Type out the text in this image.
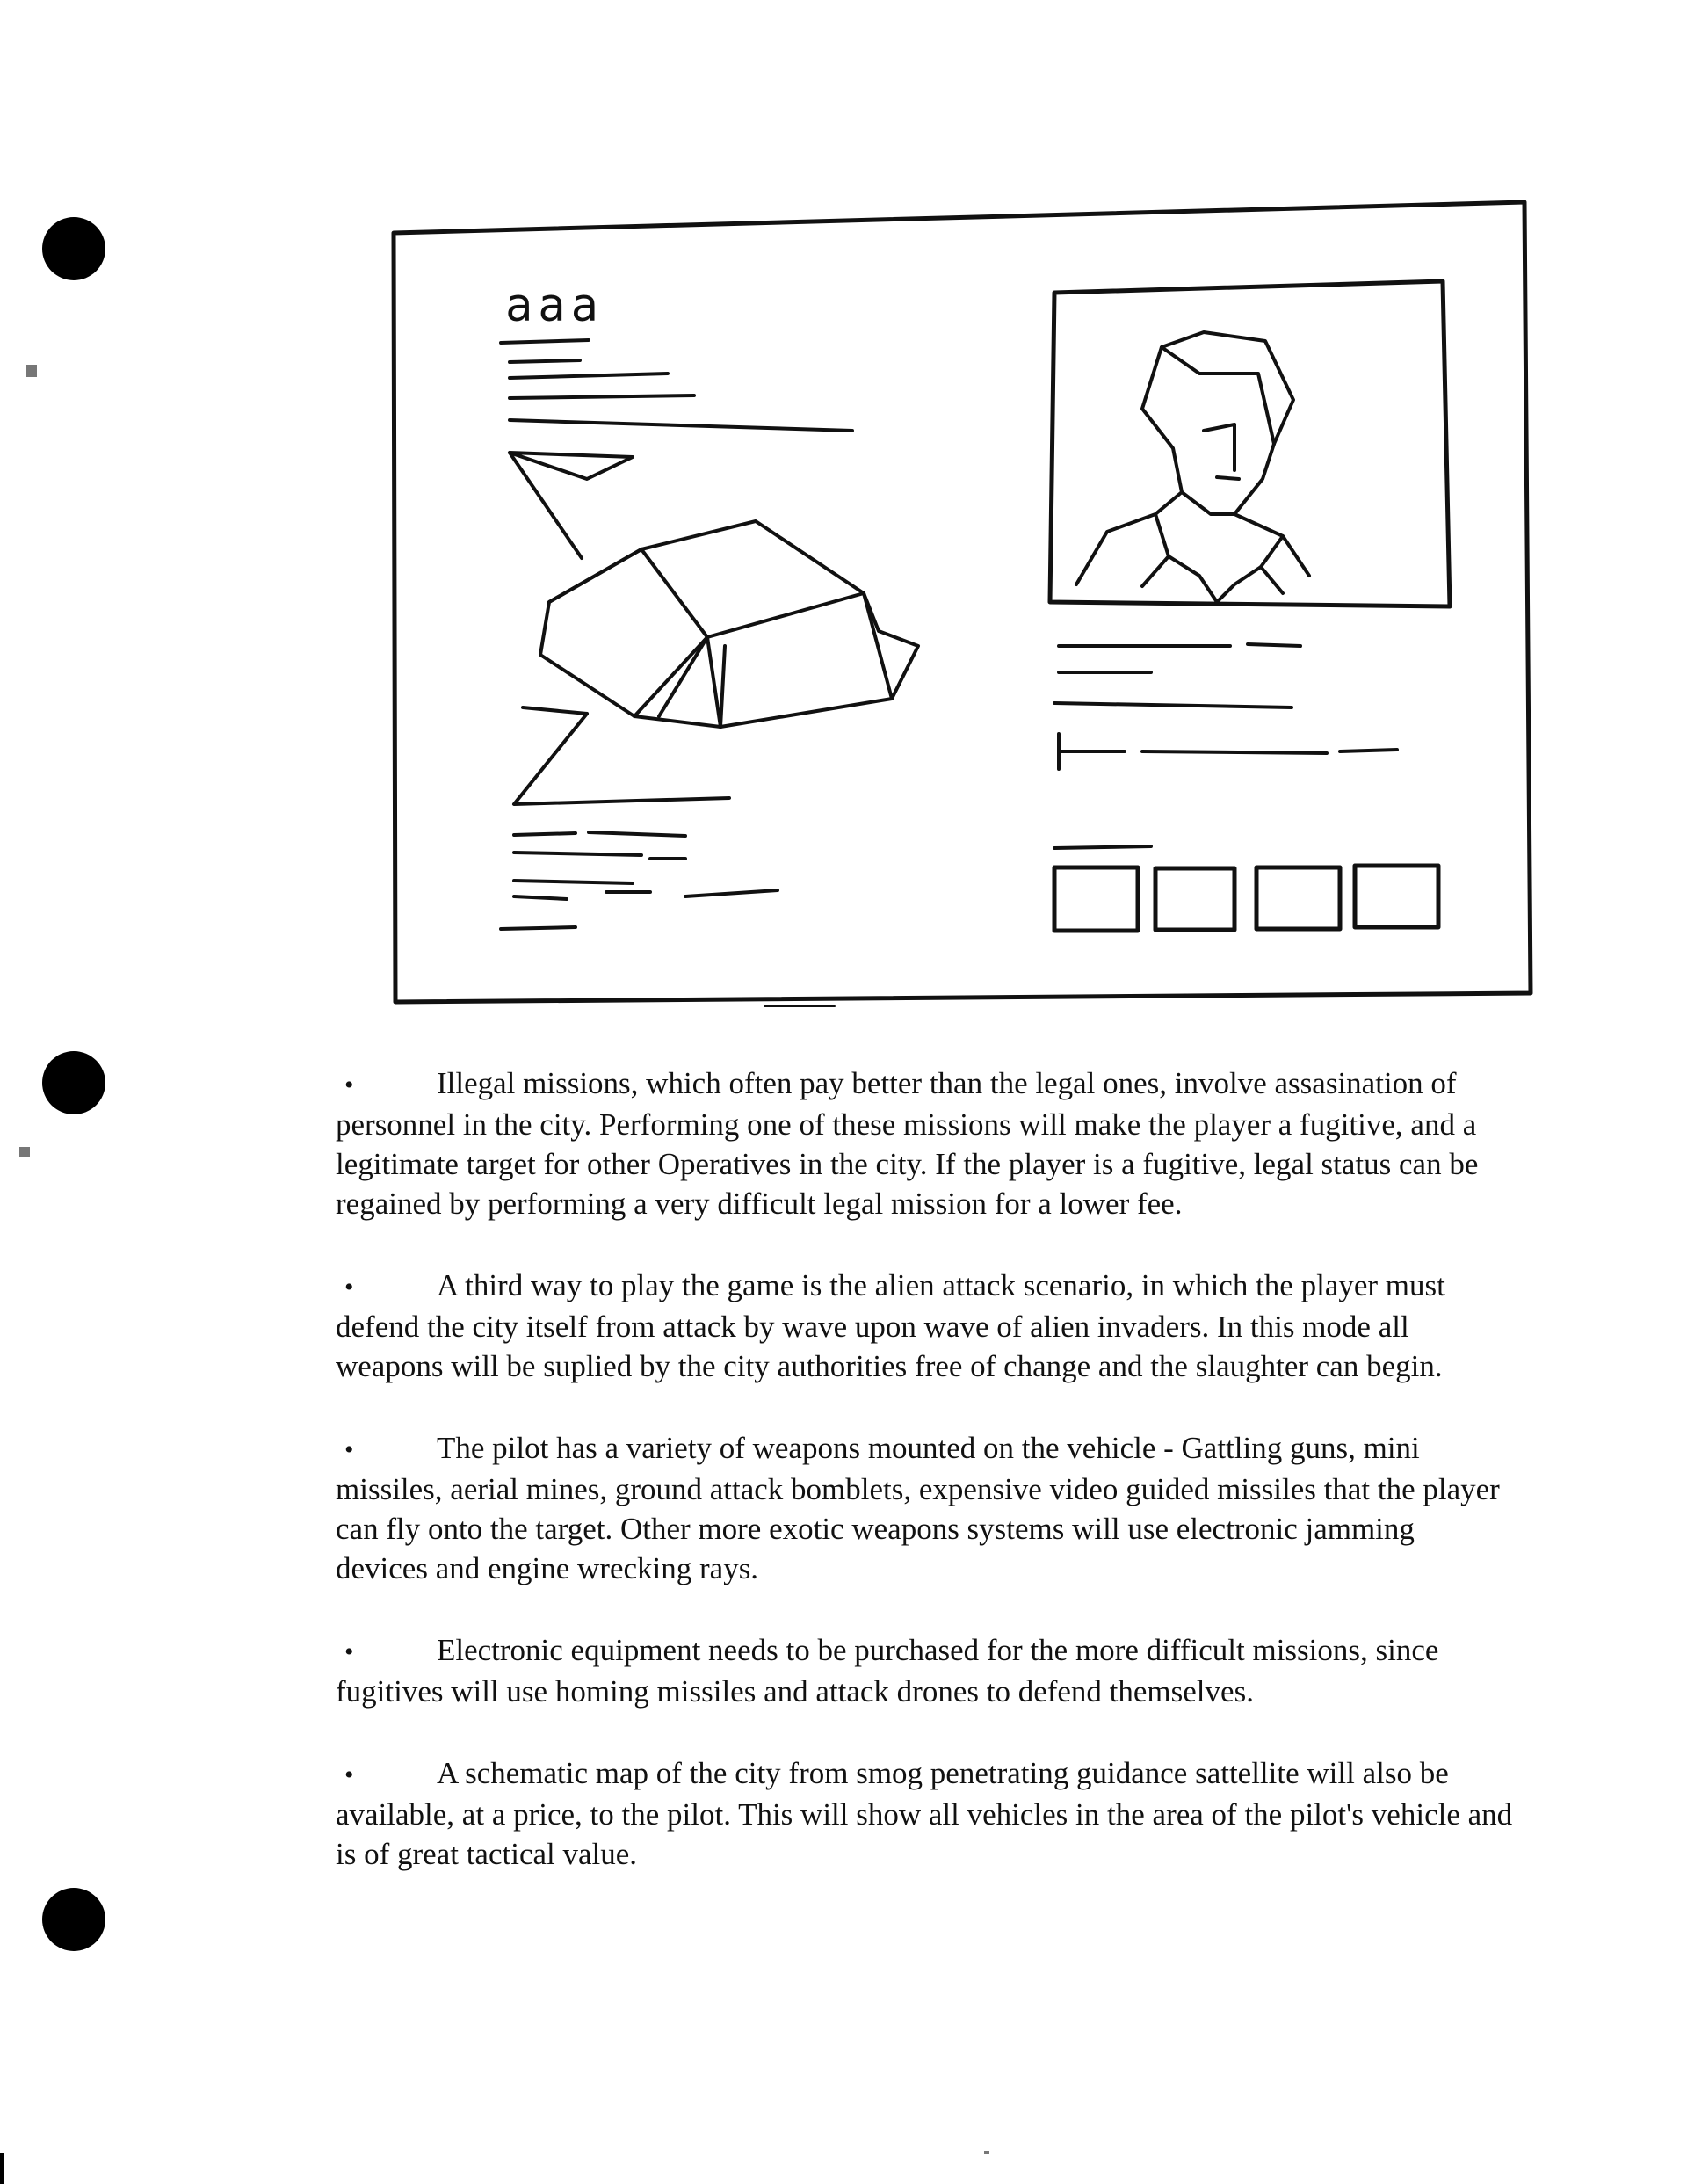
aaa

•	Illegal missions, which often pay better than the legal ones, involve assasination of personnel in the city. Performing one of these missions will make the player a fugitive, and a legitimate target for other Operatives in the city. If the player is a fugitive, legal status can be regained by performing a very difficult legal mission for a lower fee.

•	A third way to play the game is the alien attack scenario, in which the player must defend the city itself from attack by wave upon wave of alien invaders. In this mode all weapons will be suplied by the city authorities free of change and the slaughter can begin.

•	The pilot has a variety of weapons mounted on the vehicle - Gattling guns, mini missiles, aerial mines, ground attack bomblets, expensive video guided missiles that the player can fly onto the target. Other more exotic weapons systems will use electronic jamming devices and engine wrecking rays.

•	Electronic equipment needs to be purchased for the more difficult missions, since fugitives will use homing missiles and attack drones to defend themselves.

•	A schematic map of the city from smog penetrating guidance sattellite will also be available, at a price, to the pilot. This will show all vehicles in the area of the pilot's vehicle and is of great tactical value.
